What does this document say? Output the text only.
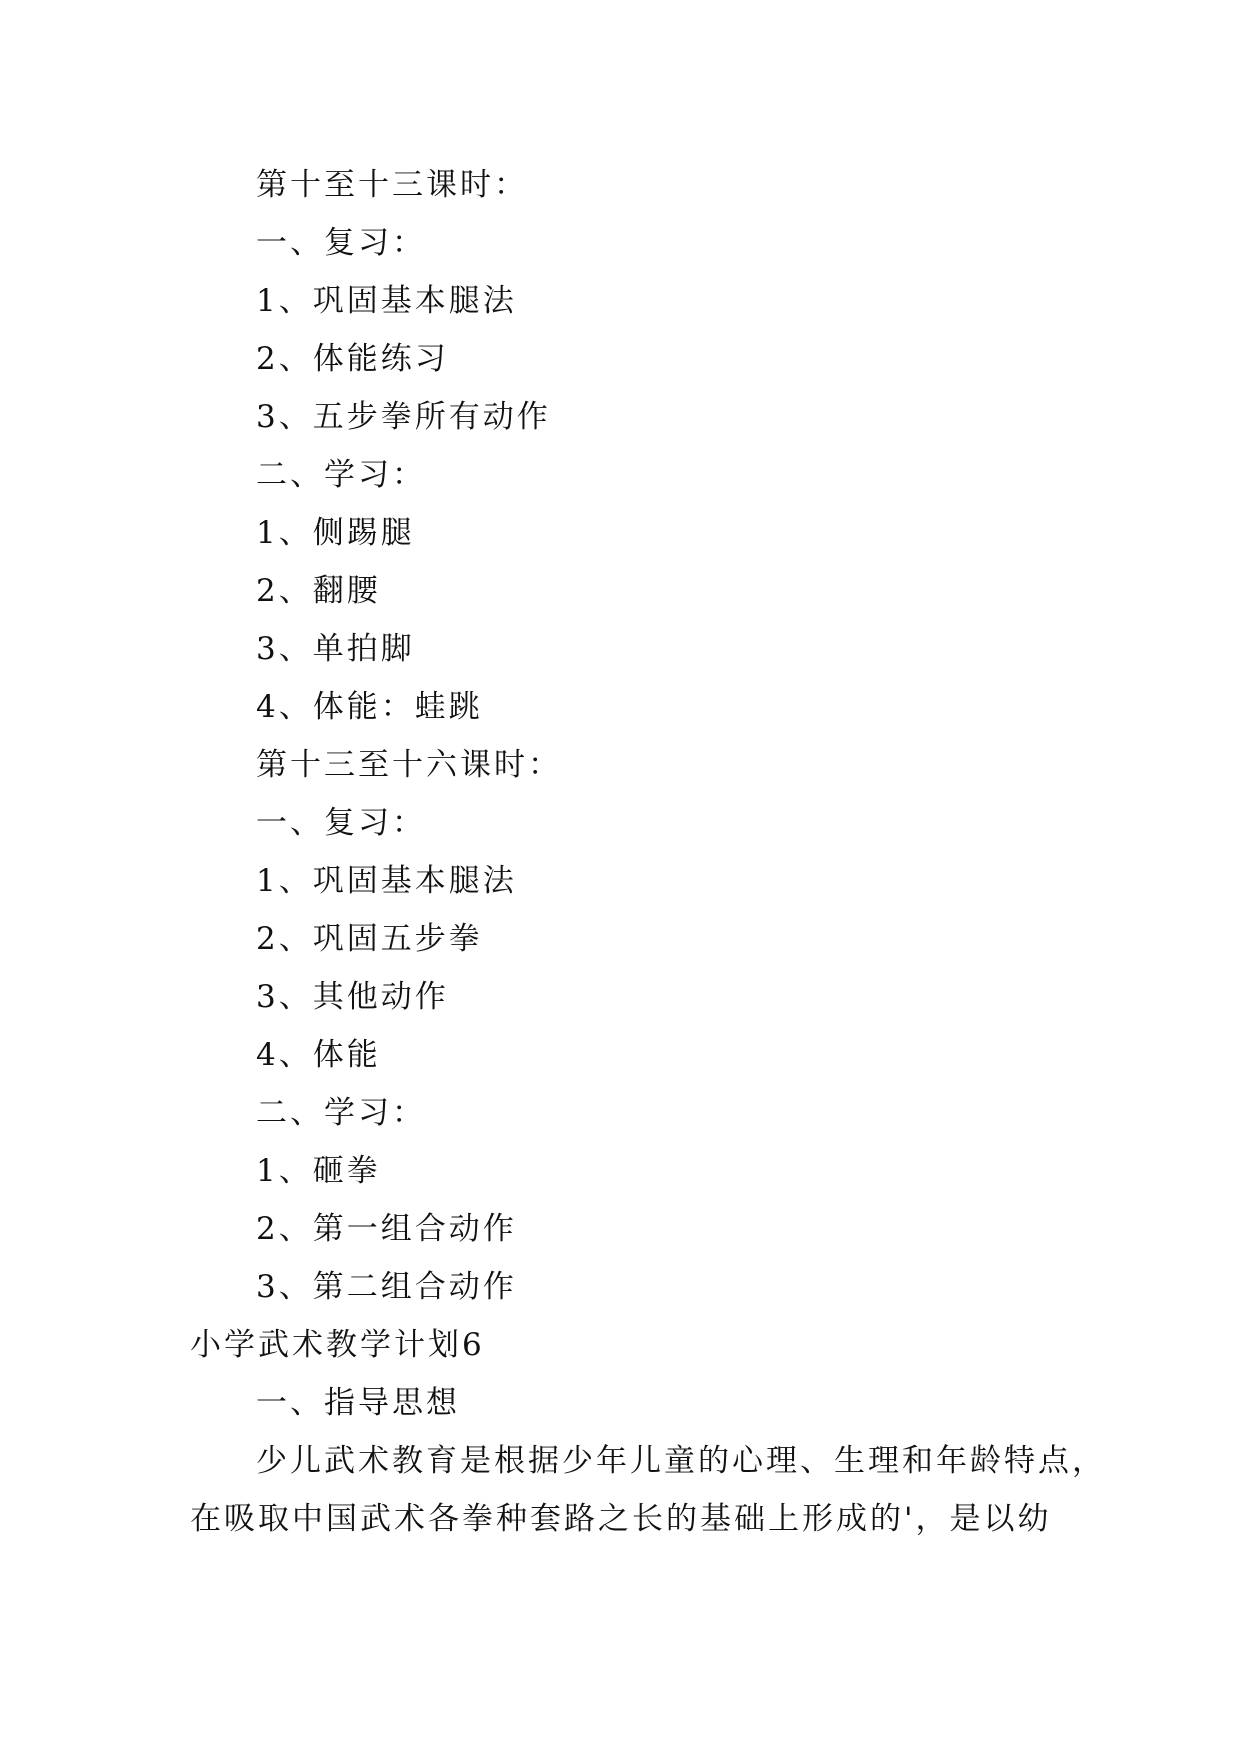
第十至十三课时：
一、复习：
1、巩固基本腿法
2、体能练习
3、五步拳所有动作
二、学习：
1、侧踢腿
2、翻腰
3、单拍脚
4、体能：蛙跳
第十三至十六课时：
一、复习：
1、巩固基本腿法
2、巩固五步拳
3、其他动作
4、体能
二、学习：
1、砸拳
2、第一组合动作
3、第二组合动作
小学武术教学计划6
一、指导思想
少儿武术教育是根据少年儿童的心理、生理和年龄特点，
在吸取中国武术各拳种套路之长的基础上形成的'，是以幼
